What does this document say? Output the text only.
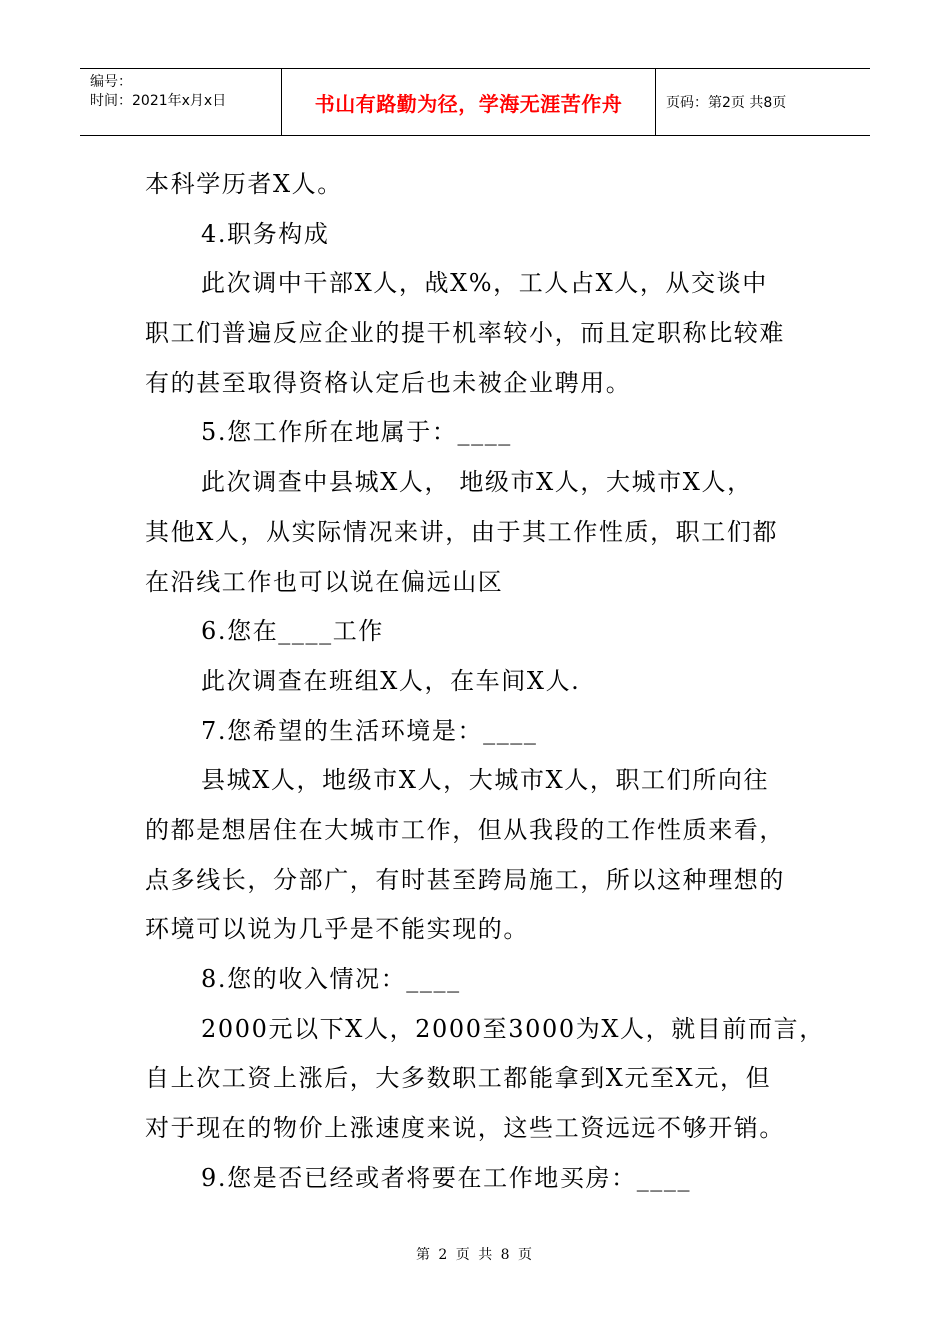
编号：
时间：2021年x月x日	书山有路勤为径，学海无涯苦作舟	页码：第2页 共8页
本科学历者X人。
4.职务构成
此次调中干部X人，战X%，工人占X人，从交谈中
职工们普遍反应企业的提干机率较小，而且定职称比较难
有的甚至取得资格认定后也未被企业聘用。
5.您工作所在地属于：____
此次调查中县城X人， 地级市X人，大城市X人，
其他X人，从实际情况来讲，由于其工作性质，职工们都
在沿线工作也可以说在偏远山区
6.您在____工作
此次调查在班组X人，在车间X人.
7.您希望的生活环境是：____
县城X人，地级市X人，大城市X人，职工们所向往
的都是想居住在大城市工作，但从我段的工作性质来看，
点多线长，分部广，有时甚至跨局施工，所以这种理想的
环境可以说为几乎是不能实现的。
8.您的收入情况：____
2000元以下X人，2000至3000为X人，就目前而言，
自上次工资上涨后，大多数职工都能拿到X元至X元，但
对于现在的物价上涨速度来说，这些工资远远不够开销。
9.您是否已经或者将要在工作地买房：____
第 2 页 共 8 页
